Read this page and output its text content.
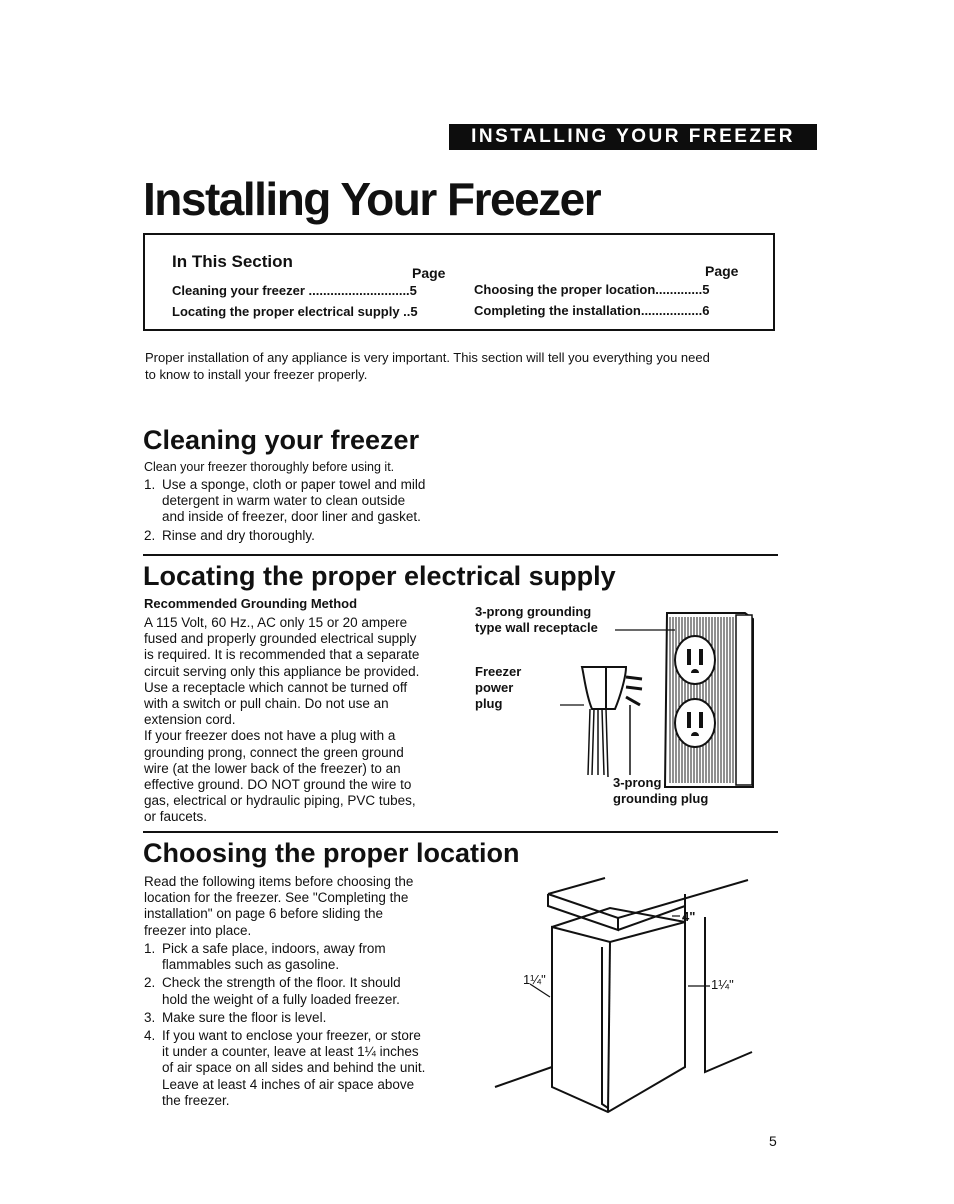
INSTALLING YOUR FREEZER
Installing Your Freezer
In This Section
Page	Page
Cleaning your freezer ............................5
Locating the proper electrical supply ..5
Choosing the proper location.............5
Completing the installation.................6
Proper installation of any appliance is very important. This section will tell you everything you need
to know to install your freezer properly.
Cleaning your freezer
Clean your freezer thoroughly before using it.
1. Use a sponge, cloth or paper towel and mild
detergent in warm water to clean outside
and inside of freezer, door liner and gasket.
2. Rinse and dry thoroughly.
Locating the proper electrical supply
Recommended Grounding Method
A 115 Volt, 60 Hz., AC only 15 or 20 ampere
fused and properly grounded electrical supply
is required. It is recommended that a separate
circuit serving only this appliance be provided.
Use a receptacle which cannot be turned off
with a switch or pull chain. Do not use an
extension cord.
If your freezer does not have a plug with a
grounding prong, connect the green ground
wire (at the lower back of the freezer) to an
effective ground. DO NOT ground the wire to
gas, electrical or hydraulic piping, PVC tubes,
or faucets.
3-prong grounding
type wall receptacle
Freezer
power
plug
3-prong
grounding plug
Choosing the proper location
Read the following items before choosing the
location for the freezer. See "Completing the
installation" on page 6 before sliding the
freezer into place.
1. Pick a safe place, indoors, away from
flammables such as gasoline.
2. Check the strength of the floor. It should
hold the weight of a fully loaded freezer.
3. Make sure the floor is level.
4. If you want to enclose your freezer, or store
it under a counter, leave at least 1¼ inches
of air space on all sides and behind the unit.
Leave at least 4 inches of air space above
the freezer.
4"
1¼"	1¼"
5
